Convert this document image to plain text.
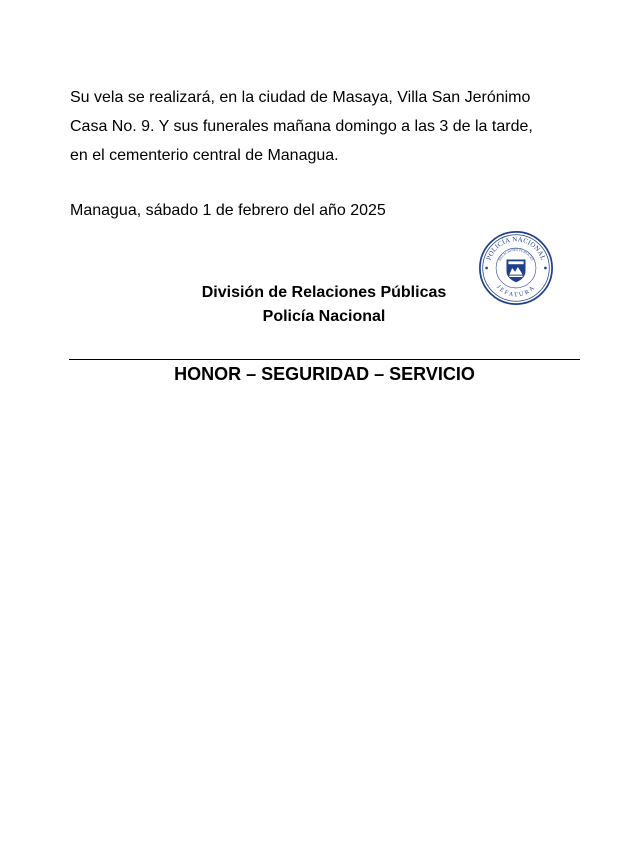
Su vela se realizará, en la ciudad de Masaya, Villa San Jerónimo
Casa No. 9. Y sus funerales mañana domingo a las 3 de la tarde,
en el cementerio central de Managua.

Managua, sábado 1 de febrero del año 2025

División de Relaciones Públicas
Policía Nacional
POLICÍA NACIONAL
RELACIONES PÚBLICAS
JEFATURA

HONOR – SEGURIDAD – SERVICIO
